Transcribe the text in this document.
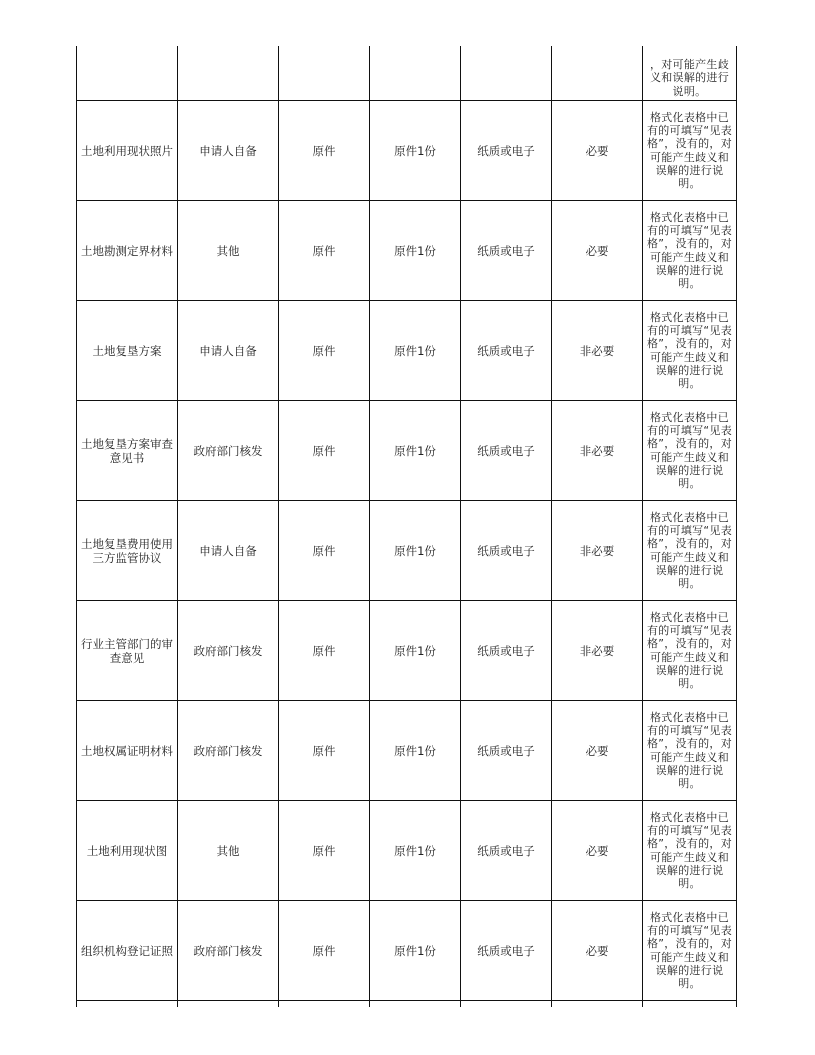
						，对可能产生歧义和误解的进行说明。
土地利用现状照片	申请人自备	原件	原件1份	纸质或电子	必要	格式化表格中已有的可填写“见表格”，没有的，对可能产生歧义和误解的进行说明。
土地勘测定界材料	其他	原件	原件1份	纸质或电子	必要	格式化表格中已有的可填写“见表格”，没有的，对可能产生歧义和误解的进行说明。
土地复垦方案	申请人自备	原件	原件1份	纸质或电子	非必要	格式化表格中已有的可填写“见表格”，没有的，对可能产生歧义和误解的进行说明。
土地复垦方案审查意见书	政府部门核发	原件	原件1份	纸质或电子	非必要	格式化表格中已有的可填写“见表格”，没有的，对可能产生歧义和误解的进行说明。
土地复垦费用使用三方监管协议	申请人自备	原件	原件1份	纸质或电子	非必要	格式化表格中已有的可填写“见表格”，没有的，对可能产生歧义和误解的进行说明。
行业主管部门的审查意见	政府部门核发	原件	原件1份	纸质或电子	非必要	格式化表格中已有的可填写“见表格”，没有的，对可能产生歧义和误解的进行说明。
土地权属证明材料	政府部门核发	原件	原件1份	纸质或电子	必要	格式化表格中已有的可填写“见表格”，没有的，对可能产生歧义和误解的进行说明。
土地利用现状图	其他	原件	原件1份	纸质或电子	必要	格式化表格中已有的可填写“见表格”，没有的，对可能产生歧义和误解的进行说明。
组织机构登记证照	政府部门核发	原件	原件1份	纸质或电子	必要	格式化表格中已有的可填写“见表格”，没有的，对可能产生歧义和误解的进行说明。
